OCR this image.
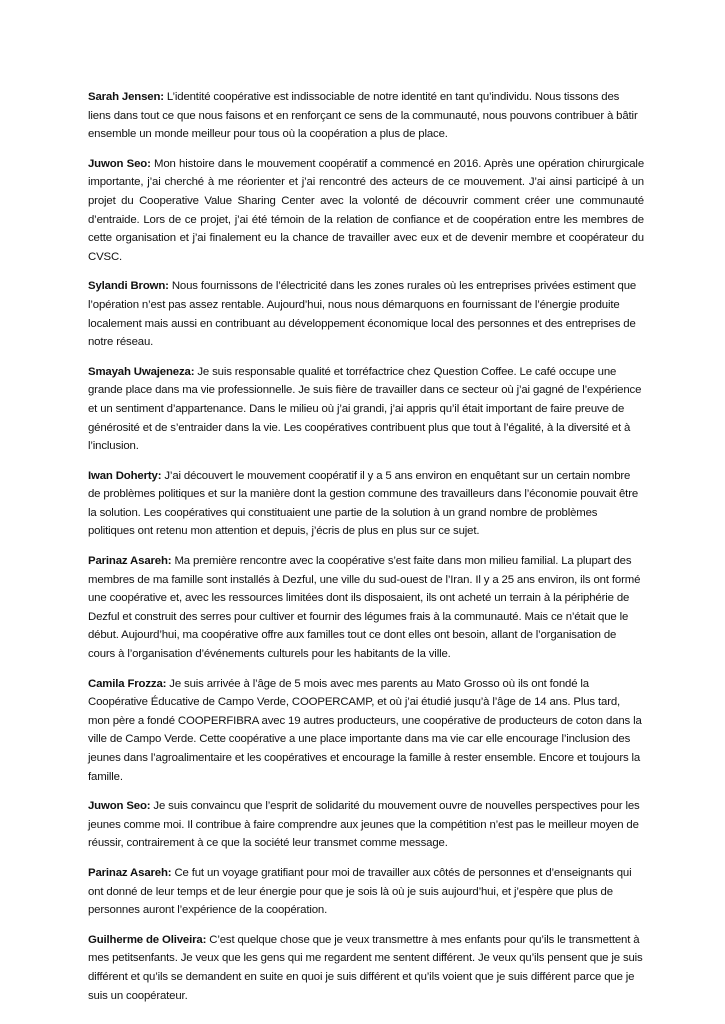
Sarah Jensen: L’identité coopérative est indissociable de notre identité en tant qu’individu. Nous tissons des liens dans tout ce que nous faisons et en renforçant ce sens de la communauté, nous pouvons contribuer à bâtir ensemble un monde meilleur pour tous où la coopération a plus de place.

Juwon Seo: Mon histoire dans le mouvement coopératif a commencé en 2016. Après une opération chirurgicale importante, j’ai cherché à me réorienter et j’ai rencontré des acteurs de ce mouvement. J’ai ainsi participé à un projet du Cooperative Value Sharing Center avec la volonté de découvrir comment créer une communauté d’entraide. Lors de ce projet, j’ai été témoin de la relation de confiance et de coopération entre les membres de cette organisation et j’ai finalement eu la chance de travailler avec eux et de devenir membre et coopérateur du CVSC.

Sylandi Brown: Nous fournissons de l’électricité dans les zones rurales où les entreprises privées estiment que l’opération n’est pas assez rentable. Aujourd’hui, nous nous démarquons en fournissant de l’énergie produite localement mais aussi en contribuant au développement économique local des personnes et des entreprises de notre réseau.

Smayah Uwajeneza: Je suis responsable qualité et torréfactrice chez Question Coffee. Le café occupe une grande place dans ma vie professionnelle. Je suis fière de travailler dans ce secteur où j’ai gagné de l’expérience et un sentiment d’appartenance. Dans le milieu où j’ai grandi, j’ai appris qu’il était important de faire preuve de générosité et de s’entraider dans la vie. Les coopératives contribuent plus que tout à l’égalité, à la diversité et à l’inclusion.

Iwan Doherty: J’ai découvert le mouvement coopératif il y a 5 ans environ en enquêtant sur un certain nombre de problèmes politiques et sur la manière dont la gestion commune des travailleurs dans l’économie pouvait être la solution. Les coopératives qui constituaient une partie de la solution à un grand nombre de problèmes politiques ont retenu mon attention et depuis, j’écris de plus en plus sur ce sujet.

Parinaz Asareh: Ma première rencontre avec la coopérative s’est faite dans mon milieu familial. La plupart des membres de ma famille sont installés à Dezful, une ville du sud-ouest de l’Iran. Il y a 25 ans environ, ils ont formé une coopérative et, avec les ressources limitées dont ils disposaient, ils ont acheté un terrain à la périphérie de Dezful et construit des serres pour cultiver et fournir des légumes frais à la communauté. Mais ce n’était que le début. Aujourd’hui, ma coopérative offre aux familles tout ce dont elles ont besoin, allant de l’organisation de cours à l’organisation d’événements culturels pour les habitants de la ville.

Camila Frozza: Je suis arrivée à l’âge de 5 mois avec mes parents au Mato Grosso où ils ont fondé la Coopérative Éducative de Campo Verde, COOPERCAMP, et où j’ai étudié jusqu’à l’âge de 14 ans. Plus tard, mon père a fondé COOPERFIBRA avec 19 autres producteurs, une coopérative de producteurs de coton dans la ville de Campo Verde. Cette coopérative a une place importante dans ma vie car elle encourage l’inclusion des jeunes dans l’agroalimentaire et les coopératives et encourage la famille à rester ensemble. Encore et toujours la famille.

Juwon Seo: Je suis convaincu que l’esprit de solidarité du mouvement ouvre de nouvelles perspectives pour les jeunes comme moi. Il contribue à faire comprendre aux jeunes que la compétition n’est pas le meilleur moyen de réussir, contrairement à ce que la société leur transmet comme message.

Parinaz Asareh: Ce fut un voyage gratifiant pour moi de travailler aux côtés de personnes et d’enseignants qui ont donné de leur temps et de leur énergie pour que je sois là où je suis aujourd’hui, et j’espère que plus de personnes auront l’expérience de la coopération.

Guilherme de Oliveira: C’est quelque chose que je veux transmettre à mes enfants pour qu’ils le transmettent à mes petitsenfants. Je veux que les gens qui me regardent me sentent différent. Je veux qu’ils pensent que je suis différent et qu’ils se demandent en suite en quoi je suis différent et qu’ils voient que je suis différent parce que je suis un coopérateur.
